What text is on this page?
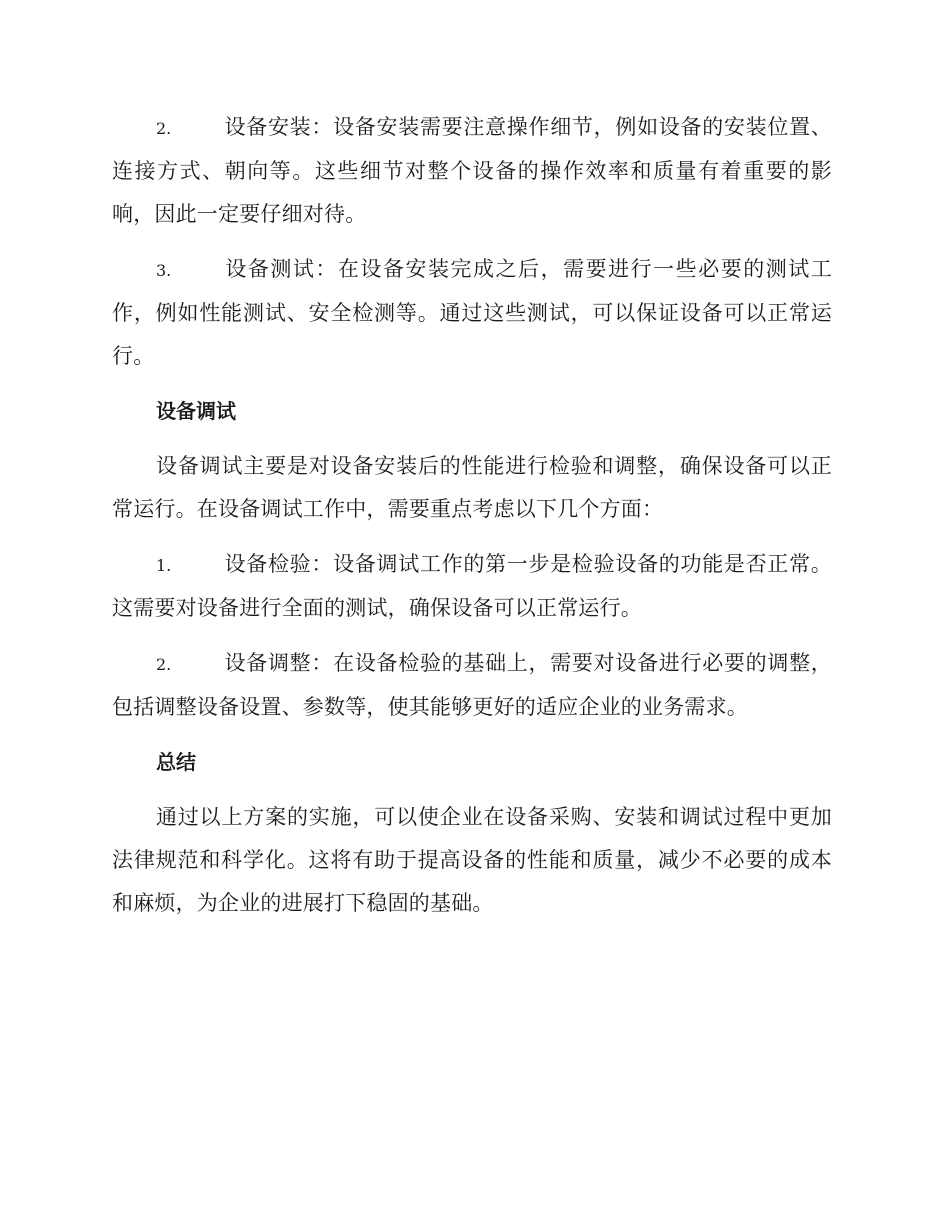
2.	设备安装：设备安装需要注意操作细节，例如设备的安装位置、连接方式、朝向等。这些细节对整个设备的操作效率和质量有着重要的影响，因此一定要仔细对待。

3.	设备测试：在设备安装完成之后，需要进行一些必要的测试工作，例如性能测试、安全检测等。通过这些测试，可以保证设备可以正常运行。

设备调试

设备调试主要是对设备安装后的性能进行检验和调整，确保设备可以正常运行。在设备调试工作中，需要重点考虑以下几个方面：

1.	设备检验：设备调试工作的第一步是检验设备的功能是否正常。这需要对设备进行全面的测试，确保设备可以正常运行。

2.	设备调整：在设备检验的基础上，需要对设备进行必要的调整，包括调整设备设置、参数等，使其能够更好的适应企业的业务需求。

总结

通过以上方案的实施，可以使企业在设备采购、安装和调试过程中更加法律规范和科学化。这将有助于提高设备的性能和质量，减少不必要的成本和麻烦，为企业的进展打下稳固的基础。
